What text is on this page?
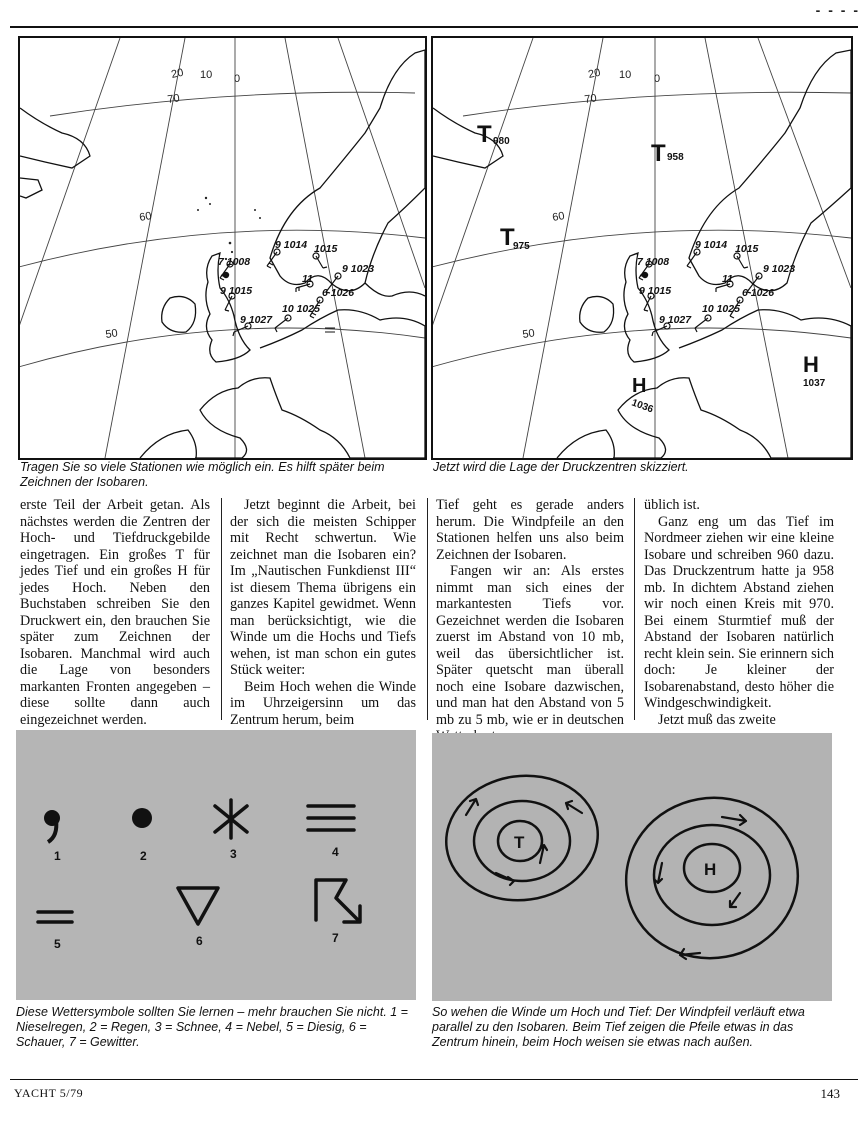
- - - -
20 10 0
70
60
50
7 1008
9 1015
9 1027
9 1014 1015
11
9 1023
6 1026
10 1025
20 10 0
70
60
50
7 1008
9 1015
9 1027
9 1014 1015
11
9 1023
6 1026
10 1025
T 980	T 958
T
975
H
1036
H
1037
Tragen Sie so viele Stationen wie möglich ein. Es hilft später beim Zeichnen der Isobaren.
Jetzt wird die Lage der Druckzentren skizziert.

erste Teil der Arbeit getan. Als nächstes werden die Zentren der Hoch- und Tiefdruckgebilde eingetragen. Ein großes T für jedes Tief und ein großes H für jedes Hoch. Neben den Buchstaben schreiben Sie den Druckwert ein, den brauchen Sie später zum Zeichnen der Isobaren. Manchmal wird auch die Lage von besonders markanten Fronten angegeben – diese sollte dann auch eingezeichnet werden.

Jetzt beginnt die Arbeit, bei der sich die meisten Schipper mit Recht schwertun. Wie zeichnet man die Isobaren ein? Im „Nautischen Funkdienst III“ ist diesem Thema übrigens ein ganzes Kapitel gewidmet. Wenn man berücksichtigt, wie die Winde um die Hochs und Tiefs wehen, ist man schon ein gutes Stück weiter:

Beim Hoch wehen die Winde im Uhrzeigersinn um das Zentrum herum, beim

Tief geht es gerade anders herum. Die Windpfeile an den Stationen helfen uns also beim Zeichnen der Isobaren.

Fangen wir an: Als erstes nimmt man sich eines der markantesten Tiefs vor. Gezeichnet werden die Isobaren zuerst im Abstand von 10 mb, weil das übersichtlicher ist. Später quetscht man überall noch eine Isobare dazwischen, und man hat den Abstand von 5 mb zu 5 mb, wie er in deutschen

üblich ist.

Ganz eng um das Tief im Nordmeer ziehen wir eine kleine Isobare und schreiben 960 dazu. Das Druckzentrum hatte ja 958 mb. In dichtem Abstand ziehen wir noch einen Kreis mit 970. Bei einem Sturmtief muß der Abstand der Isobaren natürlich recht klein sein. Sie erinnern sich doch: Je kleiner der Isobarenabstand, desto höher die Windgeschwindigkeit.

Jetzt muß das zweite

1	2	3	4
5	6	7
T
H
Diese Wettersymbole sollten Sie lernen – mehr brauchen Sie nicht. 1 = Nieselregen, 2 = Regen, 3 = Schnee, 4 = Nebel, 5 = Diesig, 6 = Schauer, 7 = Gewitter.
So wehen die Winde um Hoch und Tief: Der Windpfeil verläuft etwa parallel zu den Isobaren. Beim Tief zeigen die Pfeile etwas in das Zentrum hinein, beim Hoch weisen sie etwas nach außen.
YACHT 5/79	143
